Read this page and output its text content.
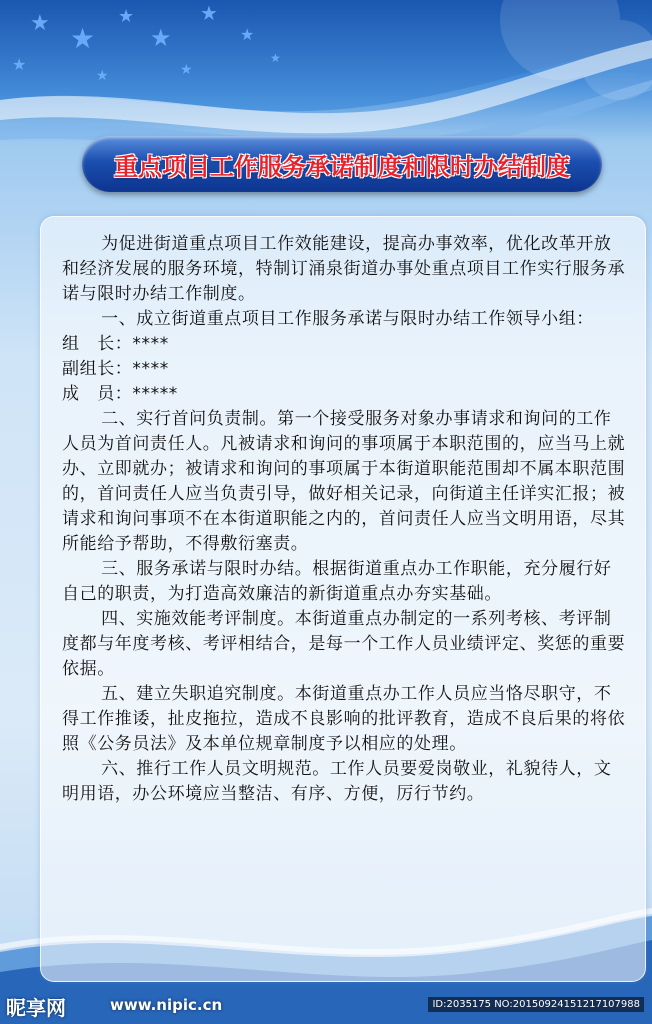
★ ★
★
★
★
★
★
★	★
★
重点项目工作服务承诺制度和限时办结制度

为促进街道重点项目工作效能建设，提高办事效率，优化改革开放和经济发展的服务环境，特制订涌泉街道办事处重点项目工作实行服务承诺与限时办结工作制度。

一、成立街道重点项目工作服务承诺与限时办结工作领导小组：

组　长：****

副组长：****

成　员：*****

二、实行首问负责制。第一个接受服务对象办事请求和询问的工作人员为首问责任人。凡被请求和询问的事项属于本职范围的，应当马上就办、立即就办；被请求和询问的事项属于本街道职能范围却不属本职范围的，首问责任人应当负责引导，做好相关记录，向街道主任详实汇报；被请求和询问事项不在本街道职能之内的，首问责任人应当文明用语，尽其所能给予帮助，不得敷衍塞责。

三、服务承诺与限时办结。根据街道重点办工作职能，充分履行好自己的职责，为打造高效廉洁的新街道重点办夯实基础。

四、实施效能考评制度。本街道重点办制定的一系列考核、考评制度都与年度考核、考评相结合，是每一个工作人员业绩评定、奖惩的重要依据。

五、建立失职追究制度。本街道重点办工作人员应当恪尽职守，不得工作推诿，扯皮拖拉，造成不良影响的批评教育，造成不良后果的将依照《公务员法》及本单位规章制度予以相应的处理。

六、推行工作人员文明规范。工作人员要爱岗敬业，礼貌待人，文明用语，办公环境应当整洁、有序、方便，厉行节约。

昵享网	www.nipic.cn	ID:2035175 NO:20150924151217107988
